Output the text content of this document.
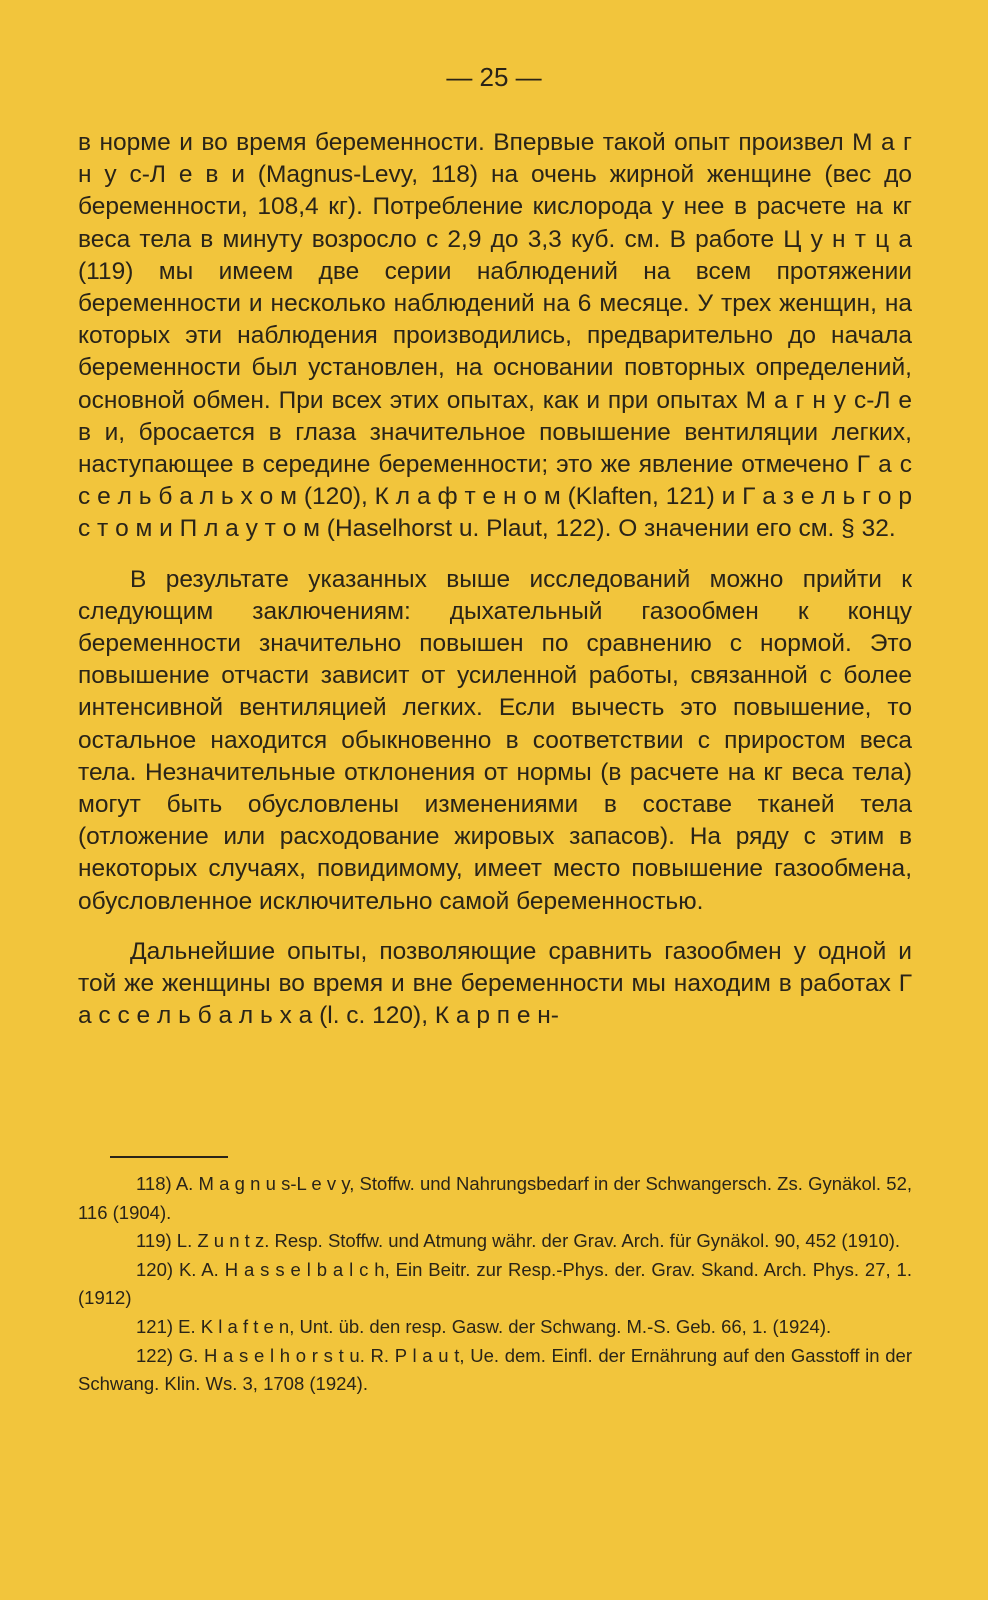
— 25 —

в норме и во время беременности. Впервые такой опыт произвел М а г н у с-Л е в и (Magnus-Levy, 118) на очень жирной женщине (вес до беременности, 108,4 кг). Потребление кислорода у нее в расчете на кг веса тела в минуту возросло с 2,9 до 3,3 куб. см. В работе Ц у н т ц а (119) мы имеем две серии наблюдений на всем протяжении беременности и несколько наблюдений на 6 месяце. У трех женщин, на которых эти наблюдения производились, предварительно до начала беременности был установлен, на основании повторных определений, основной обмен. При всех этих опытах, как и при опытах М а г н у с-Л е в и, бросается в глаза значительное повышение вентиляции легких, наступающее в середине беременности; это же явление отмечено Г а с с е л ь б а л ь х о м (120), К л а ф т е н о м (Klaften, 121) и Г а з е л ь г о р с т о м и П л а у т о м (Haselhorst u. Plaut, 122). О значении его см. § 32.

В результате указанных выше исследований можно прийти к следующим заключениям: дыхательный газообмен к концу беременности значительно повышен по сравнению с нормой. Это повышение отчасти зависит от усиленной работы, связанной с более интенсивной вентиляцией легких. Если вычесть это повышение, то остальное находится обыкновенно в соответствии с приростом веса тела. Незначительные отклонения от нормы (в расчете на кг веса тела) могут быть обусловлены изменениями в составе тканей тела (отложение или расходование жировых запасов). На ряду с этим в некоторых случаях, повидимому, имеет место повышение газообмена, обусловленное исключительно самой беременностью.

Дальнейшие опыты, позволяющие сравнить газообмен у одной и той же женщины во время и вне беременности мы находим в работах Г а с с е л ь б а л ь х а (l. c. 120), К а р п е н-

118) A. M a g n u s-L e v y, Stoffw. und Nahrungsbedarf in der Schwangersch. Zs. Gynäkol. 52, 116 (1904).

119) L. Z u n t z. Resp. Stoffw. und Atmung währ. der Grav. Arch. für Gynäkol. 90, 452 (1910).

120) K. A. H a s s e l b a l c h, Ein Beitr. zur Resp.-Phys. der. Grav. Skand. Arch. Phys. 27, 1. (1912)

121) E. K l a f t e n, Unt. üb. den resp. Gasw. der Schwang. M.-S. Geb. 66, 1. (1924).

122) G. H a s e l h o r s t u. R. P l a u t, Ue. dem. Einfl. der Ernährung auf den Gasstoff in der Schwang. Klin. Ws. 3, 1708 (1924).
